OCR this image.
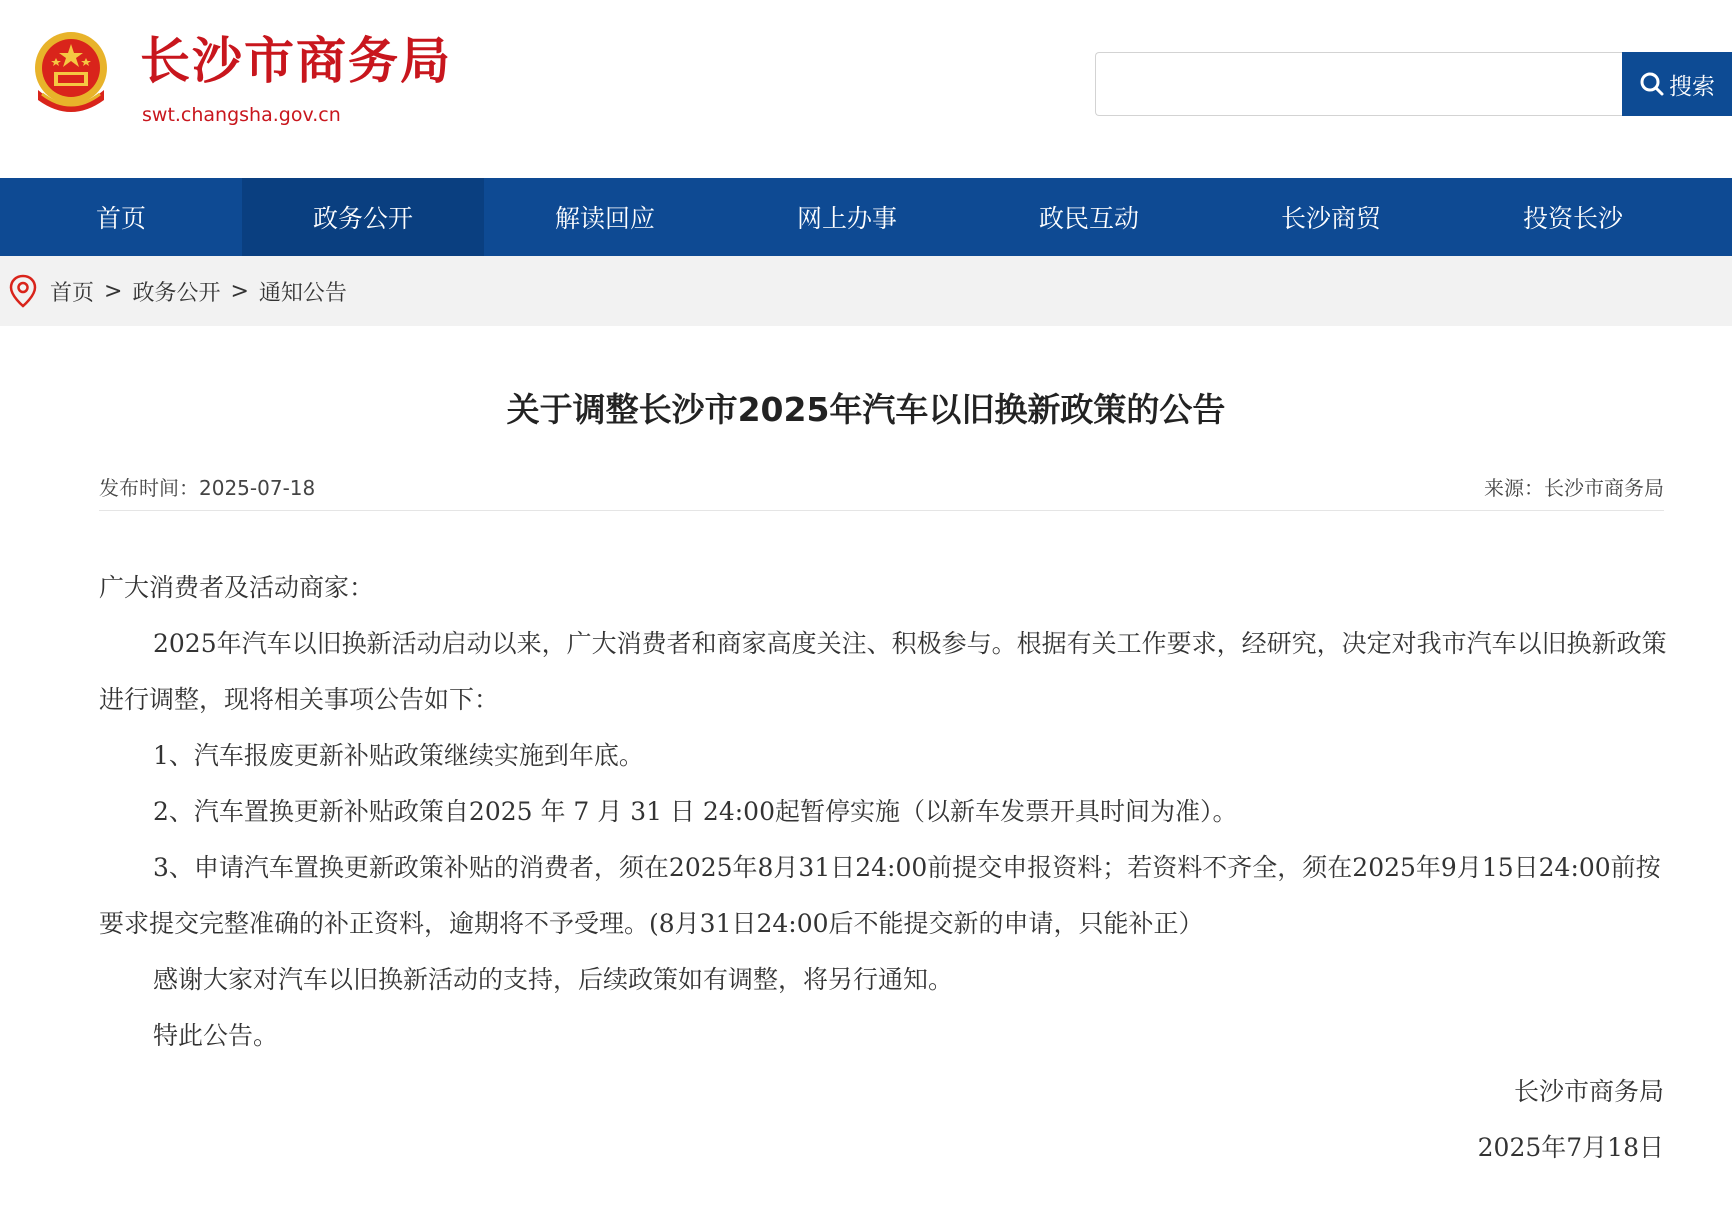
长沙市商务局
swt.changsha.gov.cn
搜索
首页	政务公开	解读回应	网上办事	政民互动	长沙商贸	投资长沙
首页 > 政务公开 > 通知公告
关于调整长沙市2025年汽车以旧换新政策的公告
发布时间：2025-07-18	来源：长沙市商务局

广大消费者及活动商家：

2025年汽车以旧换新活动启动以来，广大消费者和商家高度关注、积极参与。根据有关工作要求，经研究，决定对我市汽车以旧换新政策进行调整，现将相关事项公告如下：

1、汽车报废更新补贴政策继续实施到年底。

2、汽车置换更新补贴政策自2025 年 7 月 31 日 24:00起暂停实施（以新车发票开具时间为准）。

3、申请汽车置换更新政策补贴的消费者，须在2025年8月31日24:00前提交申报资料；若资料不齐全，须在2025年9月15日24:00前按要求提交完整准确的补正资料，逾期将不予受理。(8月31日24:00后不能提交新的申请，只能补正）

感谢大家对汽车以旧换新活动的支持，后续政策如有调整，将另行通知。

特此公告。

长沙市商务局
2025年7月18日
